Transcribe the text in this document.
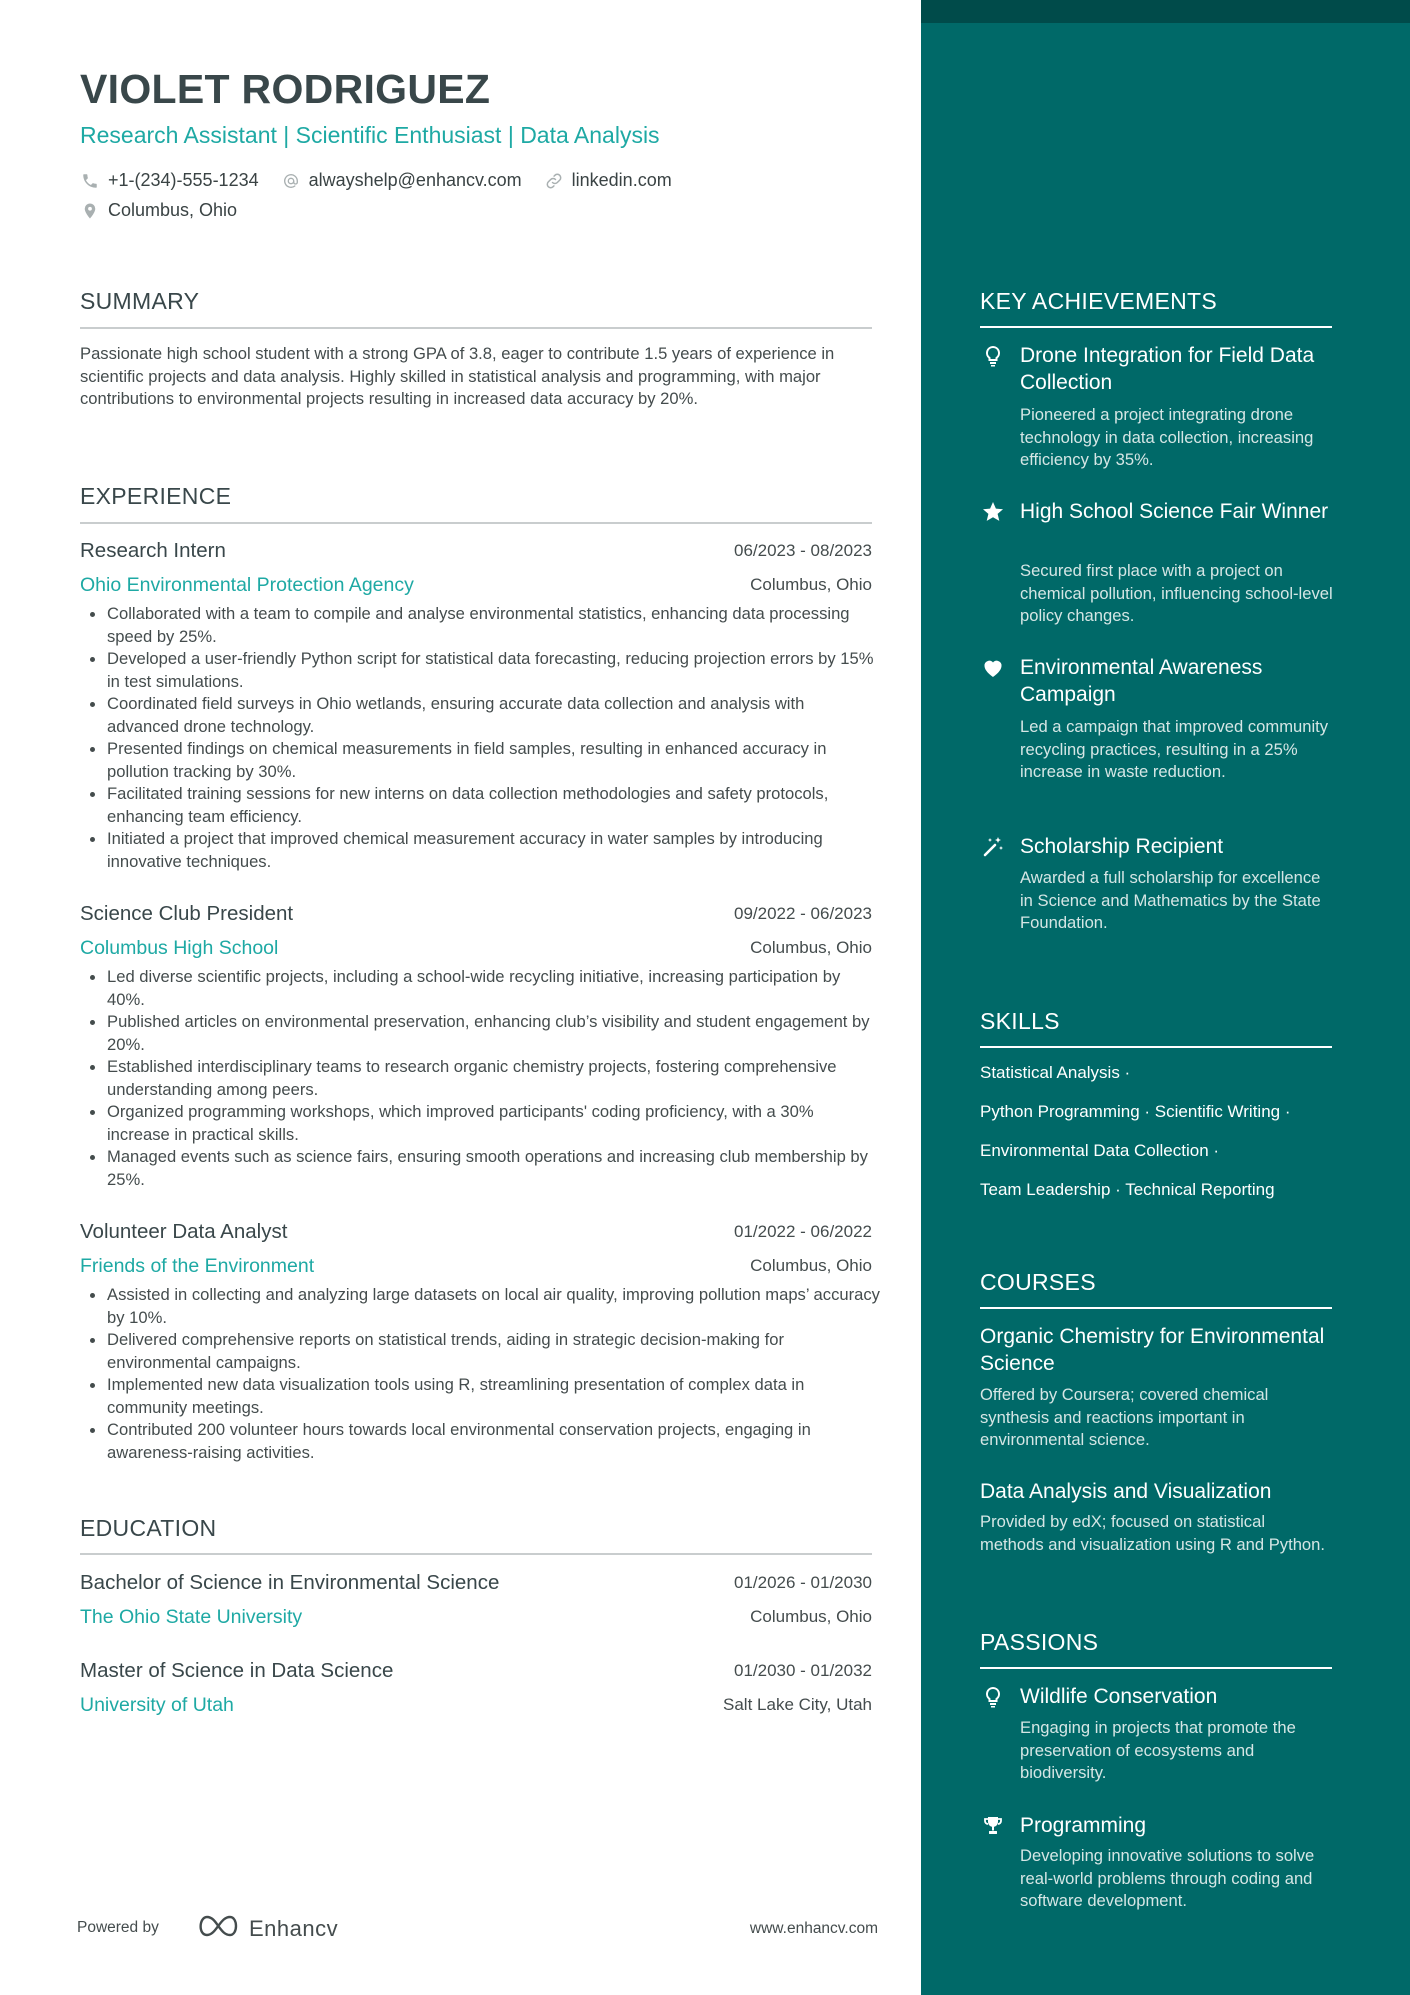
VIOLET RODRIGUEZ
Research Assistant | Scientific Enthusiast | Data Analysis
+1-(234)-555-1234	alwayshelp@enhancv.com	linkedin.com
Columbus, Ohio
SUMMARY
Passionate high school student with a strong GPA of 3.8, eager to contribute 1.5 years of experience in scientific projects and data analysis. Highly skilled in statistical analysis and programming, with major contributions to environmental projects resulting in increased data accuracy by 20%.
EXPERIENCE
Research Intern	06/2023 - 08/2023
Ohio Environmental Protection Agency	Columbus, Ohio
Collaborated with a team to compile and analyse environmental statistics, enhancing data processing speed by 25%.
Developed a user-friendly Python script for statistical data forecasting, reducing projection errors by 15% in test simulations.
Coordinated field surveys in Ohio wetlands, ensuring accurate data collection and analysis with advanced drone technology.
Presented findings on chemical measurements in field samples, resulting in enhanced accuracy in pollution tracking by 30%.
Facilitated training sessions for new interns on data collection methodologies and safety protocols, enhancing team efficiency.
Initiated a project that improved chemical measurement accuracy in water samples by introducing innovative techniques.
Science Club President	09/2022 - 06/2023
Columbus High School	Columbus, Ohio
Led diverse scientific projects, including a school-wide recycling initiative, increasing participation by 40%.
Published articles on environmental preservation, enhancing club’s visibility and student engagement by 20%.
Established interdisciplinary teams to research organic chemistry projects, fostering comprehensive understanding among peers.
Organized programming workshops, which improved participants' coding proficiency, with a 30% increase in practical skills.
Managed events such as science fairs, ensuring smooth operations and increasing club membership by 25%.
Volunteer Data Analyst	01/2022 - 06/2022
Friends of the Environment	Columbus, Ohio
Assisted in collecting and analyzing large datasets on local air quality, improving pollution maps’ accuracy by 10%.
Delivered comprehensive reports on statistical trends, aiding in strategic decision-making for environmental campaigns.
Implemented new data visualization tools using R, streamlining presentation of complex data in community meetings.
Contributed 200 volunteer hours towards local environmental conservation projects, engaging in awareness-raising activities.
EDUCATION
Bachelor of Science in Environmental Science	01/2026 - 01/2030
The Ohio State University	Columbus, Ohio
Master of Science in Data Science	01/2030 - 01/2032
University of Utah	Salt Lake City, Utah
Powered by	Enhancv	www.enhancv.com
KEY ACHIEVEMENTS
Drone Integration for Field Data Collection
Pioneered a project integrating drone technology in data collection, increasing efficiency by 35%.
High School Science Fair Winner
Secured first place with a project on chemical pollution, influencing school-level policy changes.
Environmental Awareness Campaign
Led a campaign that improved community recycling practices, resulting in a 25% increase in waste reduction.
Scholarship Recipient
Awarded a full scholarship for excellence in Science and Mathematics by the State Foundation.
SKILLS
Statistical Analysis ·
Python Programming · Scientific Writing ·
Environmental Data Collection ·
Team Leadership · Technical Reporting
COURSES
Organic Chemistry for Environmental Science
Offered by Coursera; covered chemical synthesis and reactions important in environmental science.
Data Analysis and Visualization
Provided by edX; focused on statistical methods and visualization using R and Python.
PASSIONS
Wildlife Conservation
Engaging in projects that promote the preservation of ecosystems and biodiversity.
Programming
Developing innovative solutions to solve real-world problems through coding and software development.
